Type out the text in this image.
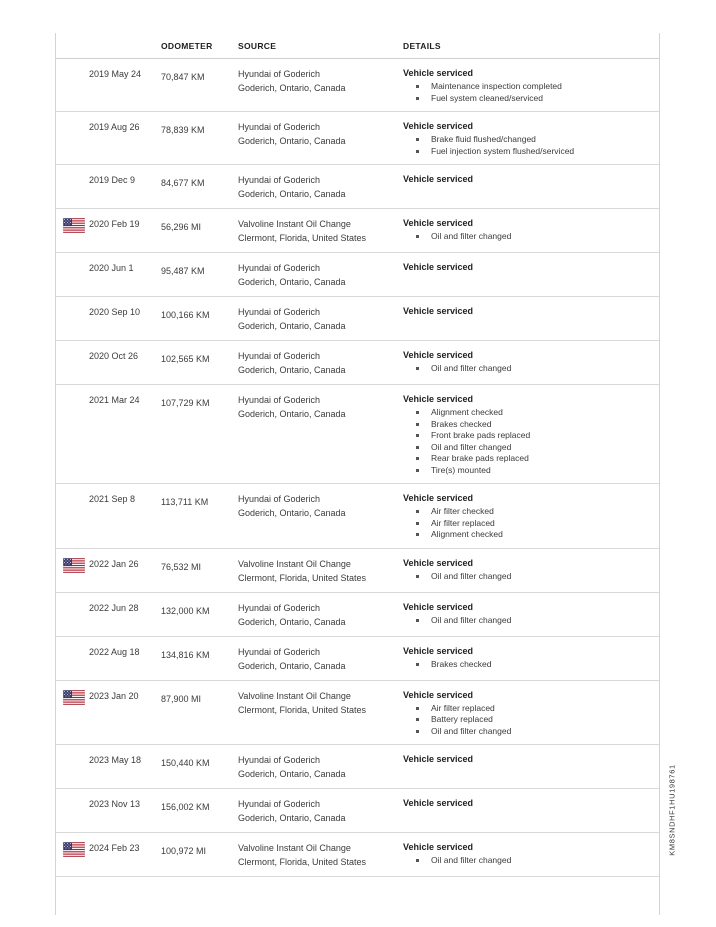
ODOMETER	SOURCE	DETAILS
2019 May 24 70,847 KM	Hyundai of Goderich
Goderich, Ontario, Canada
Vehicle serviced
Maintenance inspection completed
Fuel system cleaned/serviced
2019 Aug 26 78,839 KM	Hyundai of Goderich
Goderich, Ontario, Canada
Vehicle serviced
Brake fluid flushed/changed
Fuel injection system flushed/serviced
2019 Dec 9	84,677 KM	Hyundai of Goderich
Goderich, Ontario, Canada
Vehicle serviced
2020 Feb 19 56,296 MI	Valvoline Instant Oil Change
Clermont, Florida, United States
Vehicle serviced
Oil and filter changed
2020 Jun 1	95,487 KM	Hyundai of Goderich
Goderich, Ontario, Canada
Vehicle serviced
2020 Sep 10 100,166 KM	Hyundai of Goderich
Goderich, Ontario, Canada
Vehicle serviced
2020 Oct 26	102,565 KM	Hyundai of Goderich
Goderich, Ontario, Canada
Vehicle serviced
Oil and filter changed
2021 Mar 24 107,729 KM	Hyundai of Goderich
Goderich, Ontario, Canada
Vehicle serviced
Alignment checked
Brakes checked
Front brake pads replaced
Oil and filter changed
Rear brake pads replaced
Tire(s) mounted
2021 Sep 8	113,711 KM	Hyundai of Goderich
Goderich, Ontario, Canada
Vehicle serviced
Air filter checked
Air filter replaced
Alignment checked
2022 Jan 26 76,532 MI	Valvoline Instant Oil Change
Clermont, Florida, United States
Vehicle serviced
Oil and filter changed
2022 Jun 28 132,000 KM	Hyundai of Goderich
Goderich, Ontario, Canada
Vehicle serviced
Oil and filter changed
2022 Aug 18 134,816 KM	Hyundai of Goderich
Goderich, Ontario, Canada
Vehicle serviced
Brakes checked
2023 Jan 20 87,900 MI	Valvoline Instant Oil Change
Clermont, Florida, United States
Vehicle serviced
Air filter replaced
Battery replaced
Oil and filter changed
2023 May 18 150,440 KM	Hyundai of Goderich
Goderich, Ontario, Canada
Vehicle serviced
2023 Nov 13 156,002 KM	Hyundai of Goderich
Goderich, Ontario, Canada
Vehicle serviced
2024 Feb 23 100,972 MI	Valvoline Instant Oil Change
Clermont, Florida, United States
Vehicle serviced
Oil and filter changed
KM8SNDHF1HU198761
